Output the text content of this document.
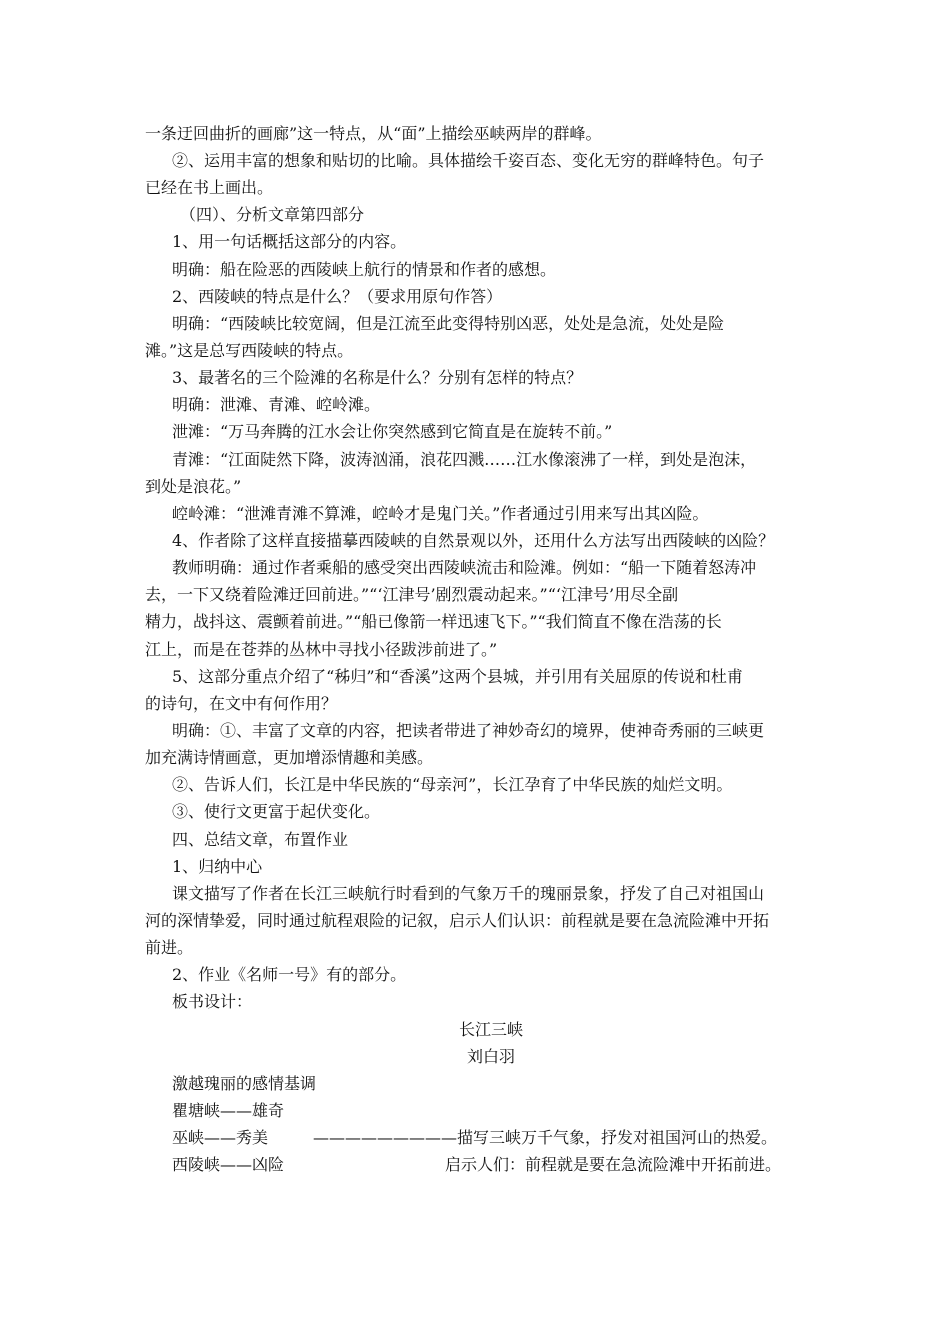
一条迂回曲折的画廊”这一特点，从“面”上描绘巫峡两岸的群峰。
②、运用丰富的想象和贴切的比喻。具体描绘千姿百态、变化无穷的群峰特色。句子
已经在书上画出。
（四）、分析文章第四部分
1、用一句话概括这部分的内容。
明确：船在险恶的西陵峡上航行的情景和作者的感想。
2、西陵峡的特点是什么？（要求用原句作答）
明确：“西陵峡比较宽阔，但是江流至此变得特别凶恶，处处是急流，处处是险
滩。”这是总写西陵峡的特点。
3、最著名的三个险滩的名称是什么？分别有怎样的特点？
明确：泄滩、青滩、崆岭滩。
泄滩：“万马奔腾的江水会让你突然感到它简直是在旋转不前。”
青滩：“江面陡然下降，波涛汹涌，浪花四溅……江水像滚沸了一样，到处是泡沫，
到处是浪花。”
崆岭滩：“泄滩青滩不算滩，崆岭才是鬼门关。”作者通过引用来写出其凶险。
4、作者除了这样直接描摹西陵峡的自然景观以外，还用什么方法写出西陵峡的凶险？
教师明确：通过作者乘船的感受突出西陵峡流击和险滩。例如：“船一下随着怒涛冲
去，一下又绕着险滩迂回前进。”“‘江津号’剧烈震动起来。”“‘江津号’用尽全副
精力，战抖这、震颤着前进。”“船已像箭一样迅速飞下。”“我们简直不像在浩荡的长
江上，而是在苍莽的丛林中寻找小径跋涉前进了。”
5、这部分重点介绍了“秭归”和“香溪”这两个县城，并引用有关屈原的传说和杜甫
的诗句，在文中有何作用？
明确：①、丰富了文章的内容，把读者带进了神妙奇幻的境界，使神奇秀丽的三峡更
加充满诗情画意，更加增添情趣和美感。
②、告诉人们，长江是中华民族的“母亲河”，长江孕育了中华民族的灿烂文明。
③、使行文更富于起伏变化。
四、总结文章，布置作业
1、归纳中心
课文描写了作者在长江三峡航行时看到的气象万千的瑰丽景象，抒发了自己对祖国山
河的深情挚爱，同时通过航程艰险的记叙，启示人们认识：前程就是要在急流险滩中开拓
前进。
2、作业《名师一号》有的部分。
板书设计：
长江三峡
刘白羽
激越瑰丽的感情基调
瞿塘峡——雄奇
巫峡——秀美	—————————描写三峡万千气象，抒发对祖国河山的热爱。
西陵峡——凶险	启示人们：前程就是要在急流险滩中开拓前进。
